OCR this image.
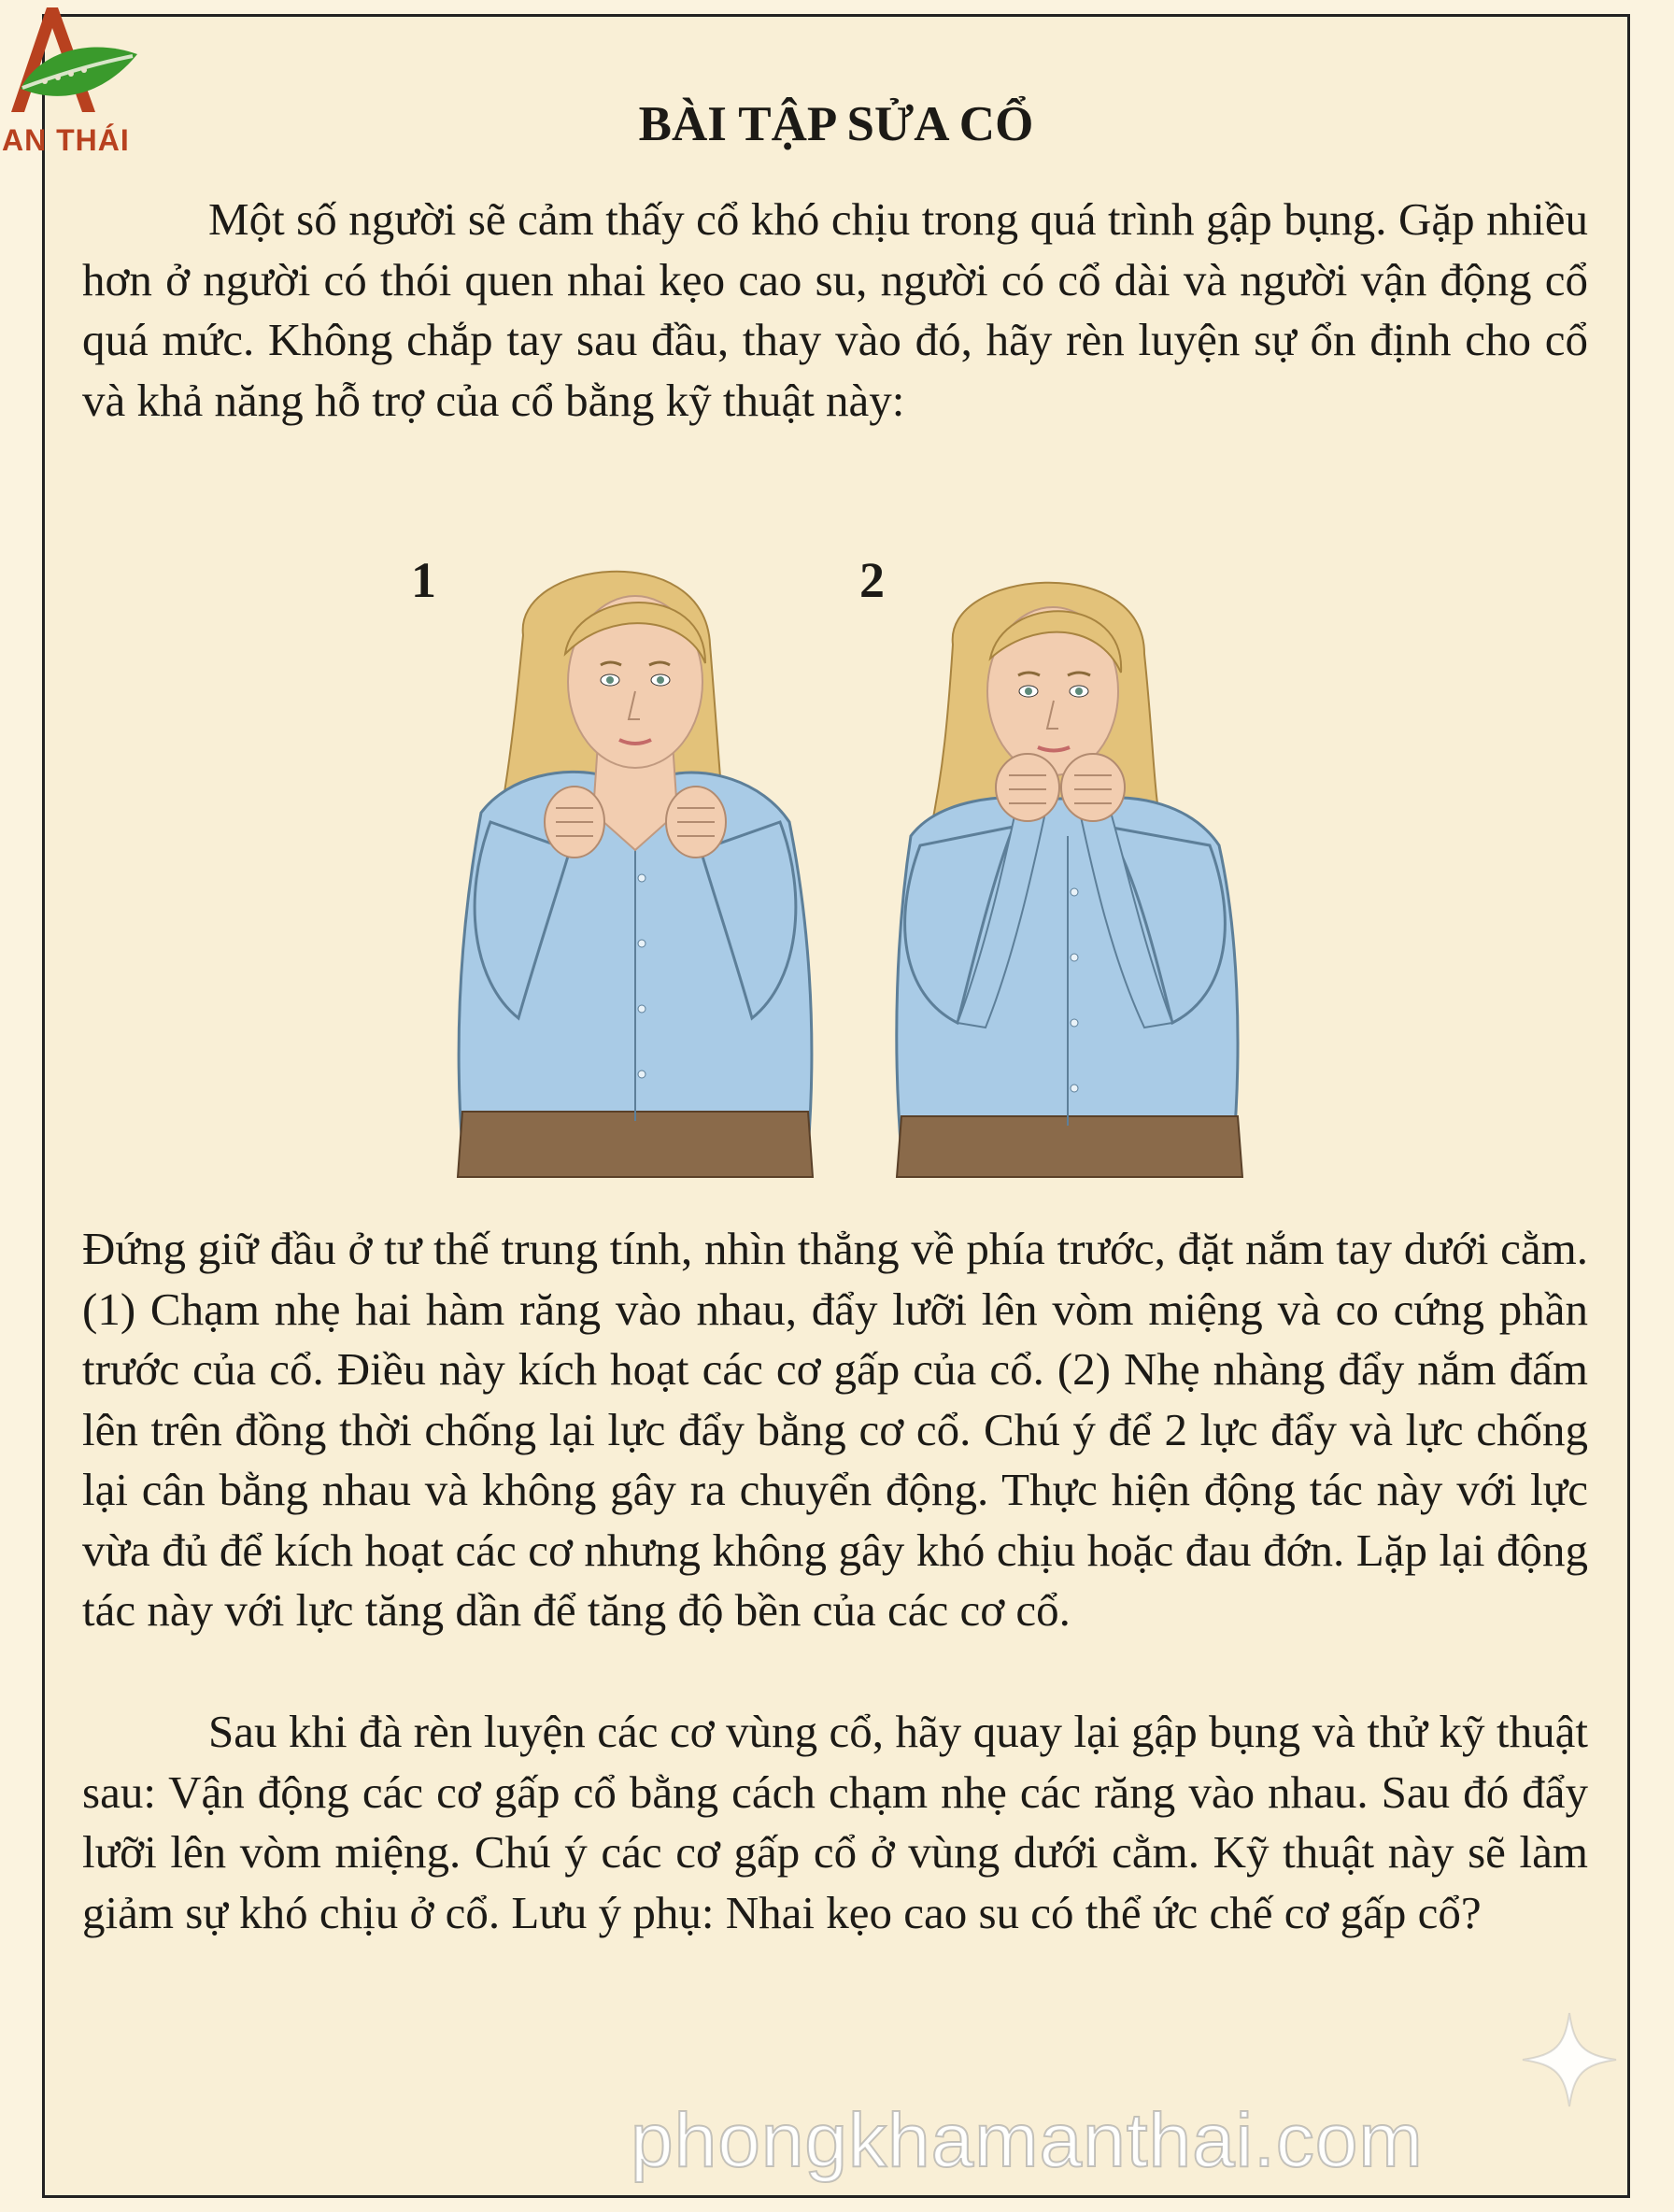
AN THÁI	BÀI TẬP SỬA CỔ

Một số người sẽ cảm thấy cổ khó chịu trong quá trình gập bụng. Gặp nhiều hơn ở người có thói quen nhai kẹo cao su, người có cổ dài và người vận động cổ quá mức. Không chắp tay sau đầu, thay vào đó, hãy rèn luyện sự ổn định cho cổ và khả năng hỗ trợ của cổ bằng kỹ thuật này:

1	2

Đứng giữ đầu ở tư thế trung tính, nhìn thẳng về phía trước, đặt nắm tay dưới cằm. (1) Chạm nhẹ hai hàm răng vào nhau, đẩy lưỡi lên vòm miệng và co cứng phần trước của cổ. Điều này kích hoạt các cơ gấp của cổ. (2) Nhẹ nhàng đẩy nắm đấm lên trên đồng thời chống lại lực đẩy bằng cơ cổ. Chú ý để 2 lực đẩy và lực chống lại cân bằng nhau và không gây ra chuyển động. Thực hiện động tác này với lực vừa đủ để kích hoạt các cơ nhưng không gây khó chịu hoặc đau đớn. Lặp lại động tác này với lực tăng dần để tăng độ bền của các cơ cổ.

Sau khi đà rèn luyện các cơ vùng cổ, hãy quay lại gập bụng và thử kỹ thuật sau: Vận động các cơ gấp cổ bằng cách chạm nhẹ các răng vào nhau. Sau đó đẩy lưỡi lên vòm miệng. Chú ý các cơ gấp cổ ở vùng dưới cằm. Kỹ thuật này sẽ làm giảm sự khó chịu ở cổ. Lưu ý phụ: Nhai kẹo cao su có thể ức chế cơ gấp cổ?

phongkhamanthai.com
